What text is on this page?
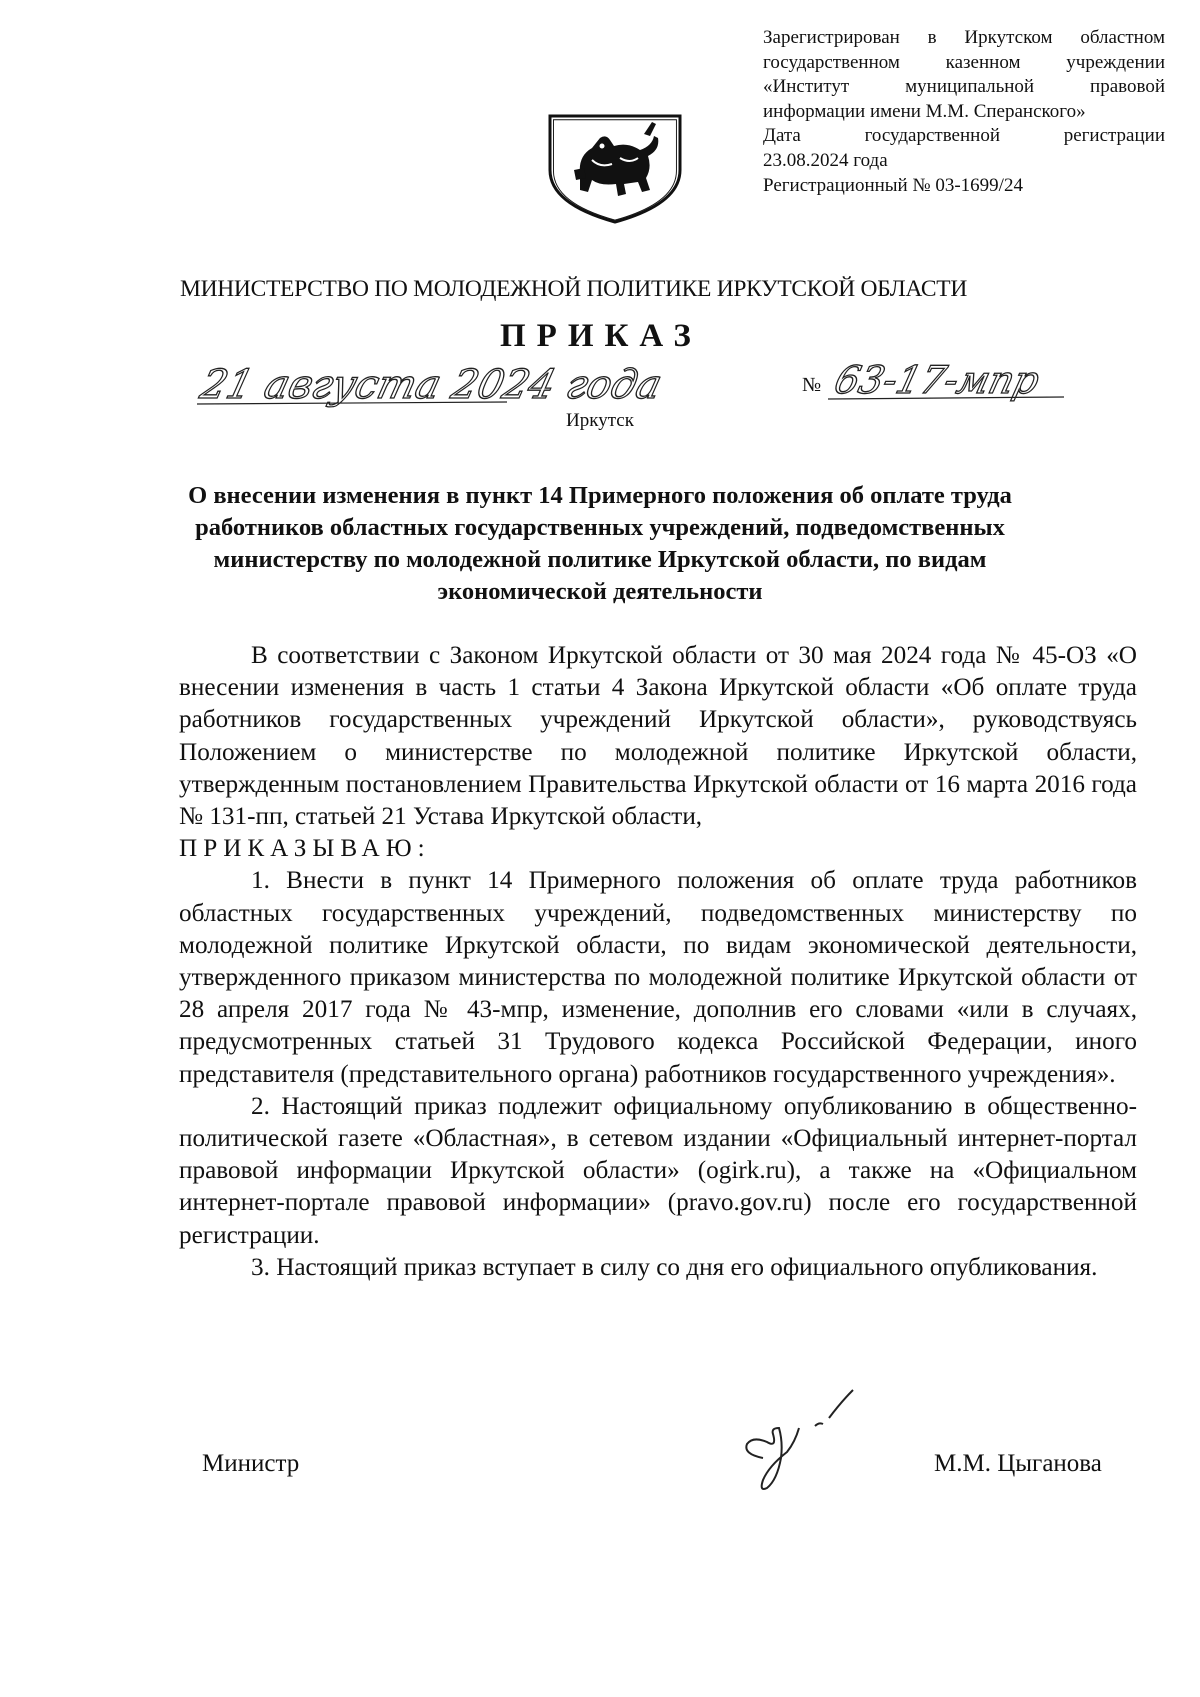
Зарегистрирован в Иркутском областном
государственном казенном учреждении
«Институт муниципальной правовой
информации имени М.М. Сперанского»
Дата государственной регистрации
23.08.2024 года
Регистрационный № 03-1699/24
МИНИСТЕРСТВО ПО МОЛОДЕЖНОЙ ПОЛИТИКЕ ИРКУТСКОЙ ОБЛАСТИ
ПРИКАЗ
21 августа 2024 года	№ 63-17-мпр
Иркутск
О внесении изменения в пункт 14 Примерного положения об оплате труда работников областных государственных учреждений, подведомственных министерству по молодежной политике Иркутской области, по видам экономической деятельности

В соответствии с Законом Иркутской области от 30 мая 2024 года № 45-ОЗ «О внесении изменения в часть 1 статьи 4 Закона Иркутской области «Об оплате труда работников государственных учреждений Иркутской области», руководствуясь Положением о министерстве по молодежной политике Иркутской области, утвержденным постановлением Правительства Иркутской области от 16 марта 2016 года № 131-пп, статьей 21 Устава Иркутской области,

ПРИКАЗЫВАЮ:

1. Внести в пункт 14 Примерного положения об оплате труда работников областных государственных учреждений, подведомственных министерству по молодежной политике Иркутской области, по видам экономической деятельности, утвержденного приказом министерства по молодежной политике Иркутской области от 28 апреля 2017 года № 43-мпр, изменение, дополнив его словами «или в случаях, предусмотренных статьей 31 Трудового кодекса Российской Федерации, иного представителя (представительного органа) работников государственного учреждения».

2. Настоящий приказ подлежит официальному опубликованию в общественно-политической газете «Областная», в сетевом издании «Официальный интернет-портал правовой информации Иркутской области» (ogirk.ru), а также на «Официальном интернет-портале правовой информации» (pravo.gov.ru) после его государственной регистрации.

3. Настоящий приказ вступает в силу со дня его официального опубликования.

Министр	М.М. Цыганова
